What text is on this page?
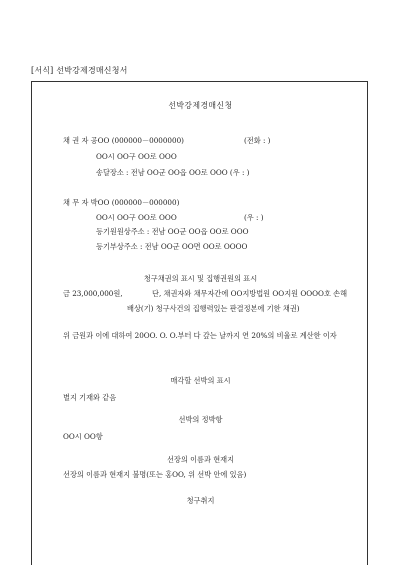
[서식] 선박강제경매신청서
선박강제경매신청
채 권 자 공OO (000000－0000000)	(전화 : )
OO시 OO구 OO로 OOO
송달장소 : 전남 OO군 OO읍 OO로 OOO (우 : )
채 무 자 박OO (000000－000000)
OO시 OO구 OO로 OOO	(우 : )
등기원원상주소 : 전남 OO군 OO읍 OO로 OOO
등기부상주소 : 전남 OO군 OO면 OO로 OOOO
청구채권의 표시 및 집행권원의 표시
금 23,000,000원,	단, 채권자와 채무자간에 OO지방법원 OO지원 OOOO호 손해
배상(기) 청구사건의 집행력있는 판결정본에 기한 채권)
위 금원과 이에 대하여 20OO. O. O.부터 다 갚는 날까지 연 20%의 비율로 계산한 이자
매각할 선박의 표시
별지 기재와 같음
선박의 정박항
OO시 OO항
선장의 이름과 현재지
선장의 이름과 현재지 불명(또는 홍OO, 위 선박 안에 있음)
청구취지
